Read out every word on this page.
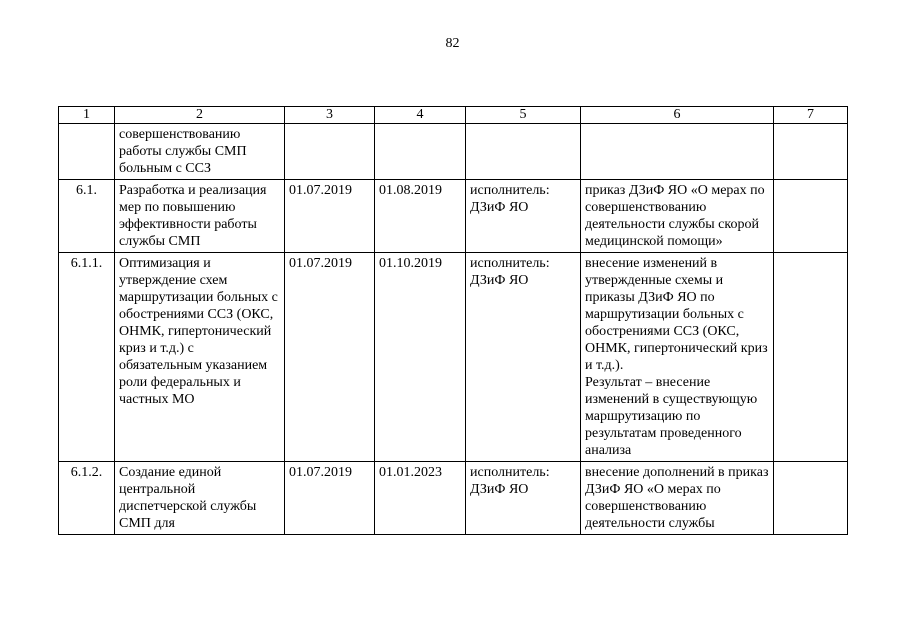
82
1	2	3	4	5	6	7
	совершенствованию работы службы СМП больным с ССЗ					
6.1.	Разработка и реализация мер по повышению эффективности работы службы СМП	01.07.2019	01.08.2019	исполнитель: ДЗиФ ЯО	приказ ДЗиФ ЯО «О мерах по совершенствованию деятельности службы скорой медицинской помощи»	
6.1.1.	Оптимизация и утверждение схем маршрутизации больных с обострениями ССЗ (ОКС, ОНМК, гипертонический криз и т.д.) с обязательным указанием роли федеральных и частных МО	01.07.2019	01.10.2019	исполнитель: ДЗиФ ЯО	внесение изменений в утвержденные схемы и приказы ДЗиФ ЯО по маршрутизации больных с обострениями ССЗ (ОКС, ОНМК, гипертонический криз и т.д.).
Результат – внесение изменений в существующую маршрутизацию по результатам проведенного анализа	
6.1.2.	Создание единой центральной диспетчерской службы СМП для	01.07.2019	01.01.2023	исполнитель: ДЗиФ ЯО	внесение дополнений в приказ ДЗиФ ЯО «О мерах по совершенствованию деятельности службы	
